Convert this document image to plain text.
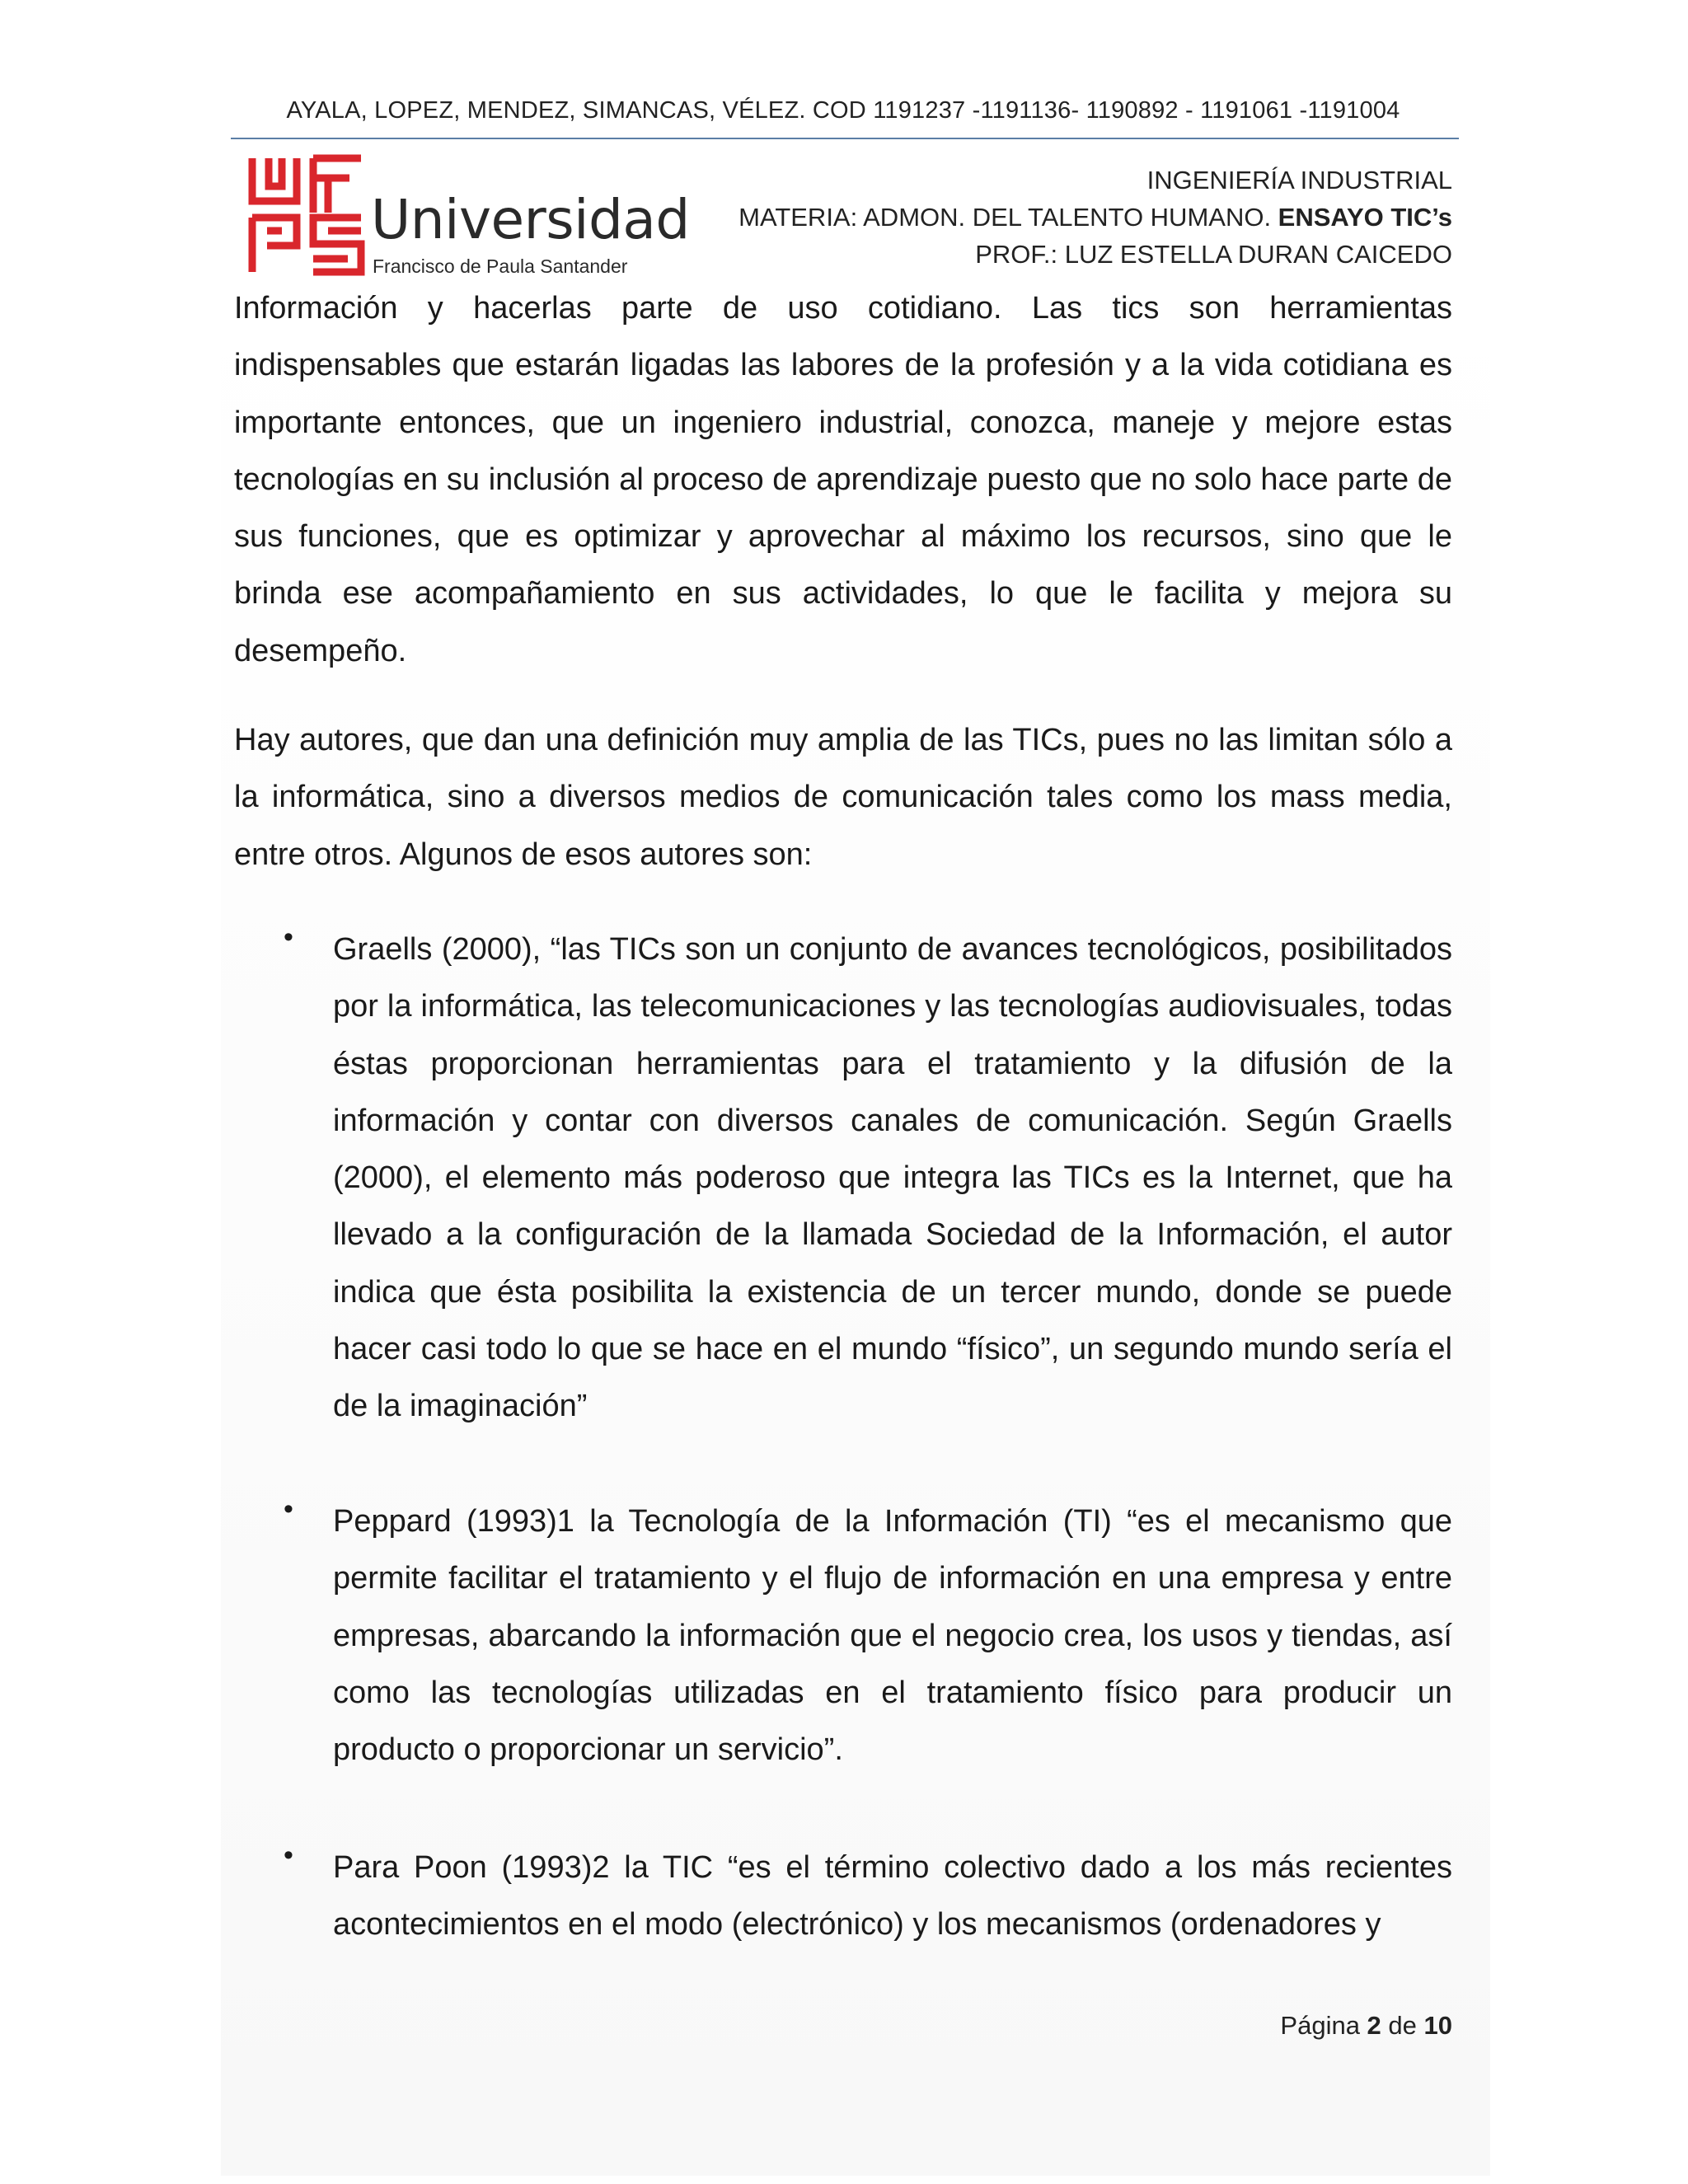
AYALA, LOPEZ, MENDEZ, SIMANCAS, VÉLEZ. COD 1191237 -1191136- 1190892 - 1191061 -1191004
Universidad
Francisco de Paula Santander
INGENIERÍA INDUSTRIAL
MATERIA: ADMON. DEL TALENTO HUMANO. ENSAYO TIC’s
PROF.: LUZ ESTELLA DURAN CAICEDO
Información y hacerlas parte de uso cotidiano. Las tics son herramientas indispensables que estarán ligadas las labores de la profesión y a la vida cotidiana es importante entonces, que un ingeniero industrial, conozca, maneje y mejore estas tecnologías en su inclusión al proceso de aprendizaje puesto que no solo hace parte de sus funciones, que es optimizar y aprovechar al máximo los recursos, sino que le brinda ese acompañamiento en sus actividades, lo que le facilita y mejora su desempeño.
Hay autores, que dan una definición muy amplia de las TICs, pues no las limitan sólo a la informática, sino a diversos medios de comunicación tales como los mass media, entre otros. Algunos de esos autores son:
• Graells (2000), “las TICs son un conjunto de avances tecnológicos, posibilitados por la informática, las telecomunicaciones y las tecnologías audiovisuales, todas éstas proporcionan herramientas para el tratamiento y la difusión de la información y contar con diversos canales de comunicación. Según Graells (2000), el elemento más poderoso que integra las TICs es la Internet, que ha llevado a la configuración de la llamada Sociedad de la Información, el autor indica que ésta posibilita la existencia de un tercer mundo, donde se puede hacer casi todo lo que se hace en el mundo “físico”, un segundo mundo sería el de la imaginación”
• Peppard (1993)1 la Tecnología de la Información (TI) “es el mecanismo que permite facilitar el tratamiento y el flujo de información en una empresa y entre empresas, abarcando la información que el negocio crea, los usos y tiendas, así como las tecnologías utilizadas en el tratamiento físico para producir un producto o proporcionar un servicio”.
• Para Poon (1993)2 la TIC “es el término colectivo dado a los más recientes acontecimientos en el modo (electrónico) y los mecanismos (ordenadores y
Página 2 de 10
